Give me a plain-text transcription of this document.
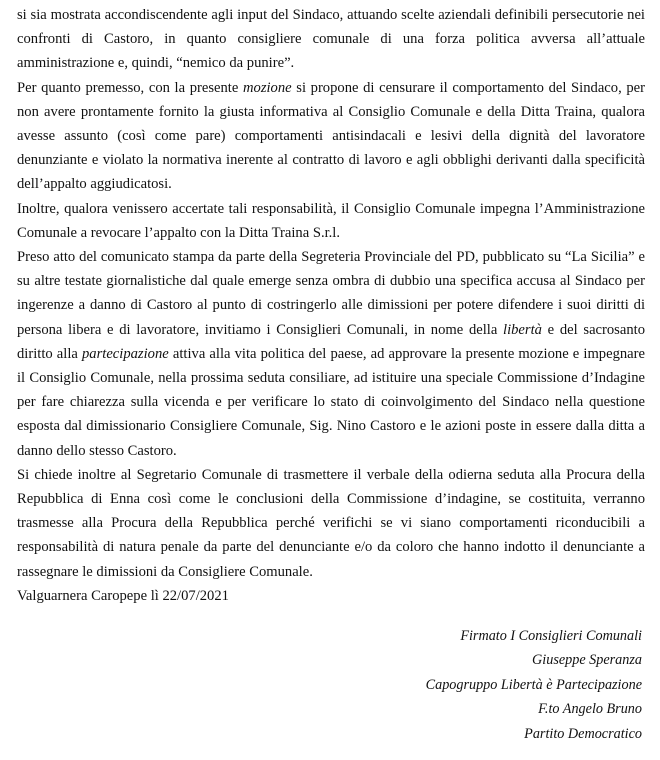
si sia mostrata accondiscendente agli input del Sindaco, attuando scelte aziendali definibili persecutorie nei confronti di Castoro, in quanto consigliere comunale di una forza politica avversa all’attuale amministrazione e, quindi, “nemico da punire”.

Per quanto premesso, con la presente mozione si propone di censurare il comportamento del Sindaco, per non avere prontamente fornito la giusta informativa al Consiglio Comunale e della Ditta Traina, qualora avesse assunto (così come pare) comportamenti antisindacali e lesivi della dignità del lavoratore denunziante e violato la normativa inerente al contratto di lavoro e agli obblighi derivanti dalla specificità dell’appalto aggiudicatosi.

Inoltre, qualora venissero accertate tali responsabilità, il Consiglio Comunale impegna l’Amministrazione Comunale a revocare l’appalto con la Ditta Traina S.r.l.

Preso atto del comunicato stampa da parte della Segreteria Provinciale del PD, pubblicato su “La Sicilia” e su altre testate giornalistiche dal quale emerge senza ombra di dubbio una specifica accusa al Sindaco per ingerenze a danno di Castoro al punto di costringerlo alle dimissioni per potere difendere i suoi diritti di persona libera e di lavoratore, invitiamo i Consiglieri Comunali, in nome della libertà e del sacrosanto diritto alla partecipazione attiva alla vita politica del paese, ad approvare la presente mozione e impegnare il Consiglio Comunale, nella prossima seduta consiliare, ad istituire una speciale Commissione d’Indagine per fare chiarezza sulla vicenda e per verificare lo stato di coinvolgimento del Sindaco nella questione esposta dal dimissionario Consigliere Comunale, Sig. Nino Castoro e le azioni poste in essere dalla ditta a danno dello stesso Castoro.

Si chiede inoltre al Segretario Comunale di trasmettere il verbale della odierna seduta alla Procura della Repubblica di Enna così come le conclusioni della Commissione d’indagine, se costituita, verranno trasmesse alla Procura della Repubblica perché verifichi se vi siano comportamenti riconducibili a responsabilità di natura penale da parte del denunciante e/o da coloro che hanno indotto il denunciante a rassegnare le dimissioni da Consigliere Comunale.

Valguarnera Caropepe lì 22/07/2021

Firmato I Consiglieri Comunali
Giuseppe Speranza
Capogruppo Libertà è Partecipazione
F.to Angelo Bruno
Partito Democratico
